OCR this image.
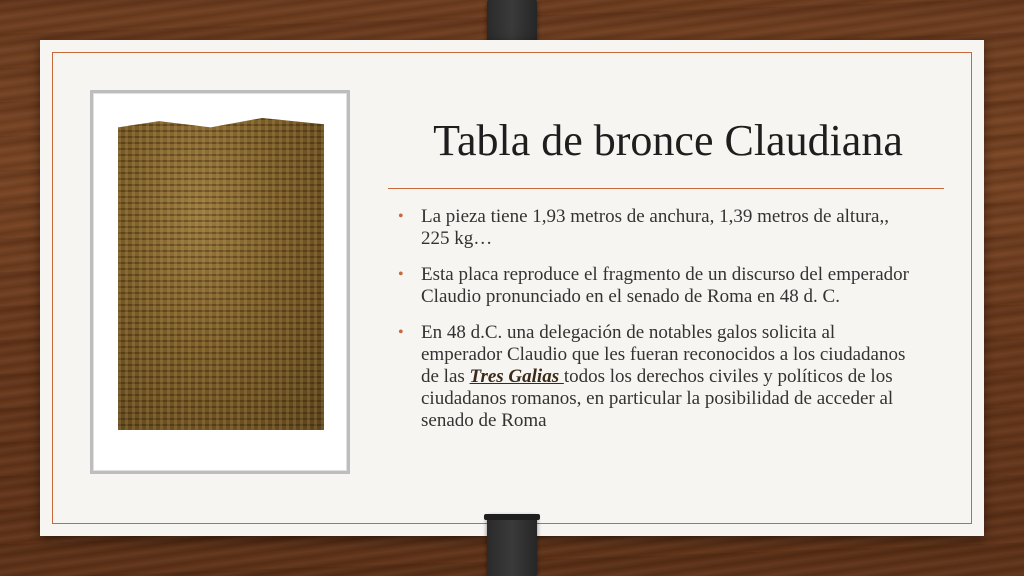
Tabla de bronce Claudiana
• La pieza tiene 1,93 metros de anchura, 1,39 metros de altura,, 225 kg…
• Esta placa reproduce el fragmento de un discurso del emperador Claudio pronunciado en el senado de Roma en 48 d. C.
• En 48 d.C. una delegación de notables galos solicita al emperador Claudio que les fueran reconocidos a los ciudadanos de las Tres Galias todos los derechos civiles y políticos de los ciudadanos romanos, en particular la posibilidad de acceder al senado de Roma
